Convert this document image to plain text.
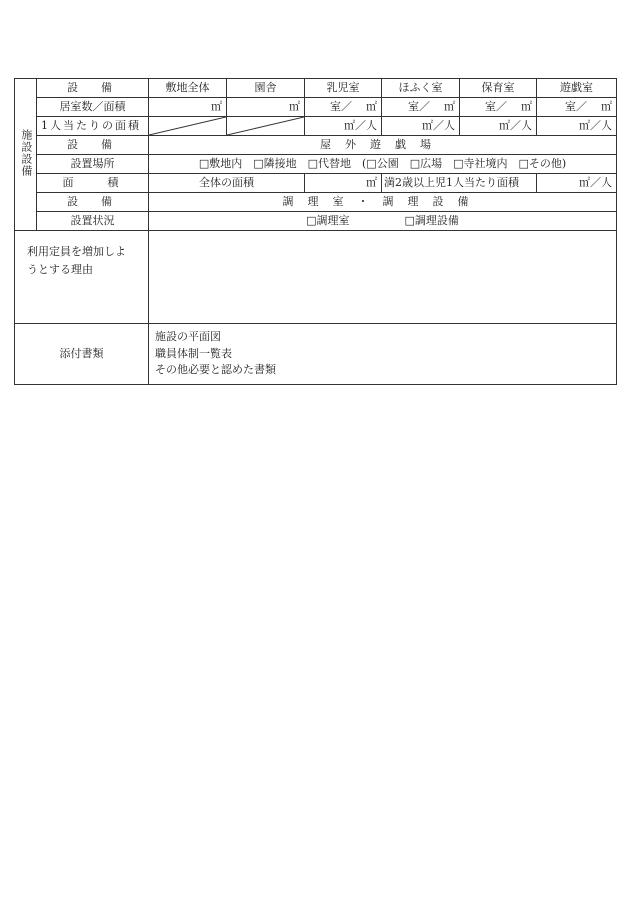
施設設備	設　備	敷地全体	園舎	乳児室	ほふく室	保育室	遊戯室
	居室数／面積	㎡	㎡	室／ ㎡	室／ ㎡	室／ ㎡	室／ ㎡
	1人当たりの面積			㎡／人	㎡／人	㎡／人	㎡／人
	設　備	屋外遊戯場					
	設置場所	□敷地内　□隣接地　□代替地　(□公園　□広場　□寺社境内　□その他)					
	面　　積	全体の面積		㎡	満2歳以上児1人当たり面積		㎡／人
	設　備	調理室・調理設備					
	設置状況	□調理室　　　　　□調理設備					
利用定員を増加しようとする理由							
添付書類		施設の平面図
職員体制一覧表
その他必要と認めた書類					
